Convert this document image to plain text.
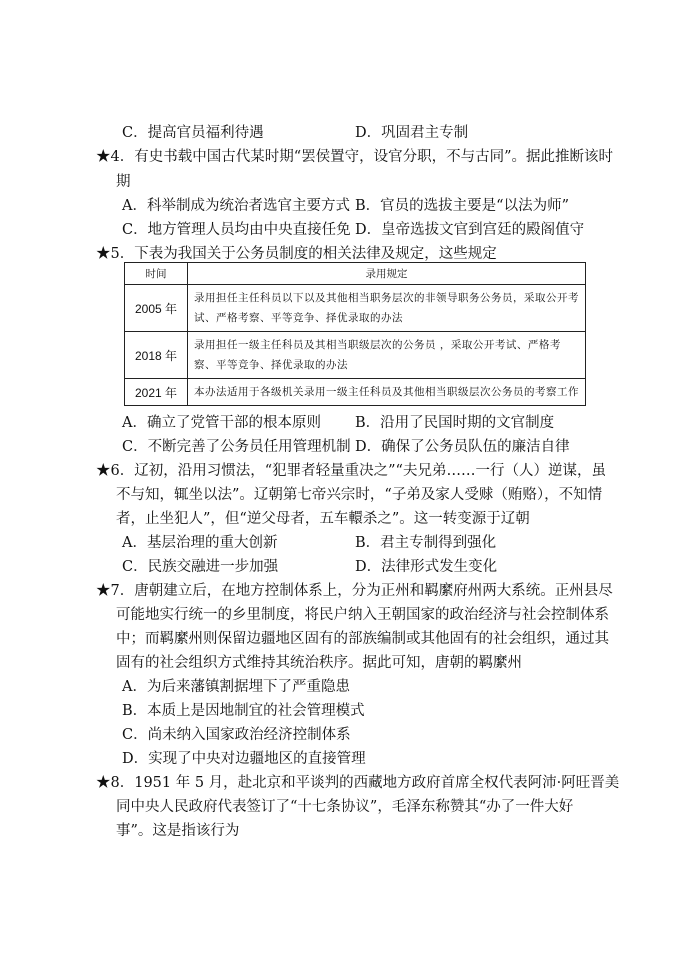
C．提高官员福利待遇	D．巩固君主专制
★4．有史书载中国古代某时期“罢侯置守，设官分职，不与古同”。据此推断该时
期
A．科举制成为统治者选官主要方式 B．官员的选拔主要是“以法为师”
C．地方管理人员均由中央直接任免 D．皇帝选拔文官到宫廷的殿阁值守
★5．下表为我国关于公务员制度的相关法律及规定，这些规定
时间	录用规定
2005 年	录用担任主任科员以下以及其他相当职务层次的非领导职务公务员，采取公开考试、严格考察、平等竞争、择优录取的办法
2018 年	录用担任一级主任科员及其相当职级层次的公务员 ，采取公开考试、严格考察、平等竞争、择优录取的办法
2021 年	本办法适用于各级机关录用一级主任科员及其他相当职级层次公务员的考察工作
A．确立了党管干部的根本原则 B．沿用了民国时期的文官制度
C．不断完善了公务员任用管理机制 D．确保了公务员队伍的廉洁自律
★6．辽初，沿用习惯法，“犯罪者轻量重决之”“夫兄弟……一行（人）逆谋，虽
不与知，辄坐以法”。辽朝第七帝兴宗时，“子弟及家人受赇（贿赂），不知情
者，止坐犯人”，但“逆父母者，五车轘杀之”。这一转变源于辽朝
A．基层治理的重大创新	B．君主专制得到强化
C．民族交融进一步加强	D．法律形式发生变化
★7．唐朝建立后，在地方控制体系上，分为正州和羁縻府州两大系统。正州县尽
可能地实行统一的乡里制度，将民户纳入王朝国家的政治经济与社会控制体系
中；而羁縻州则保留边疆地区固有的部族编制或其他固有的社会组织，通过其
固有的社会组织方式维持其统治秩序。据此可知，唐朝的羁縻州
A．为后来藩镇割据埋下了严重隐患
B．本质上是因地制宜的社会管理模式
C．尚未纳入国家政治经济控制体系
D．实现了中央对边疆地区的直接管理
★8．1951 年 5 月，赴北京和平谈判的西藏地方政府首席全权代表阿沛·阿旺晋美
同中央人民政府代表签订了“十七条协议”，毛泽东称赞其“办了一件大好
事”。这是指该行为
